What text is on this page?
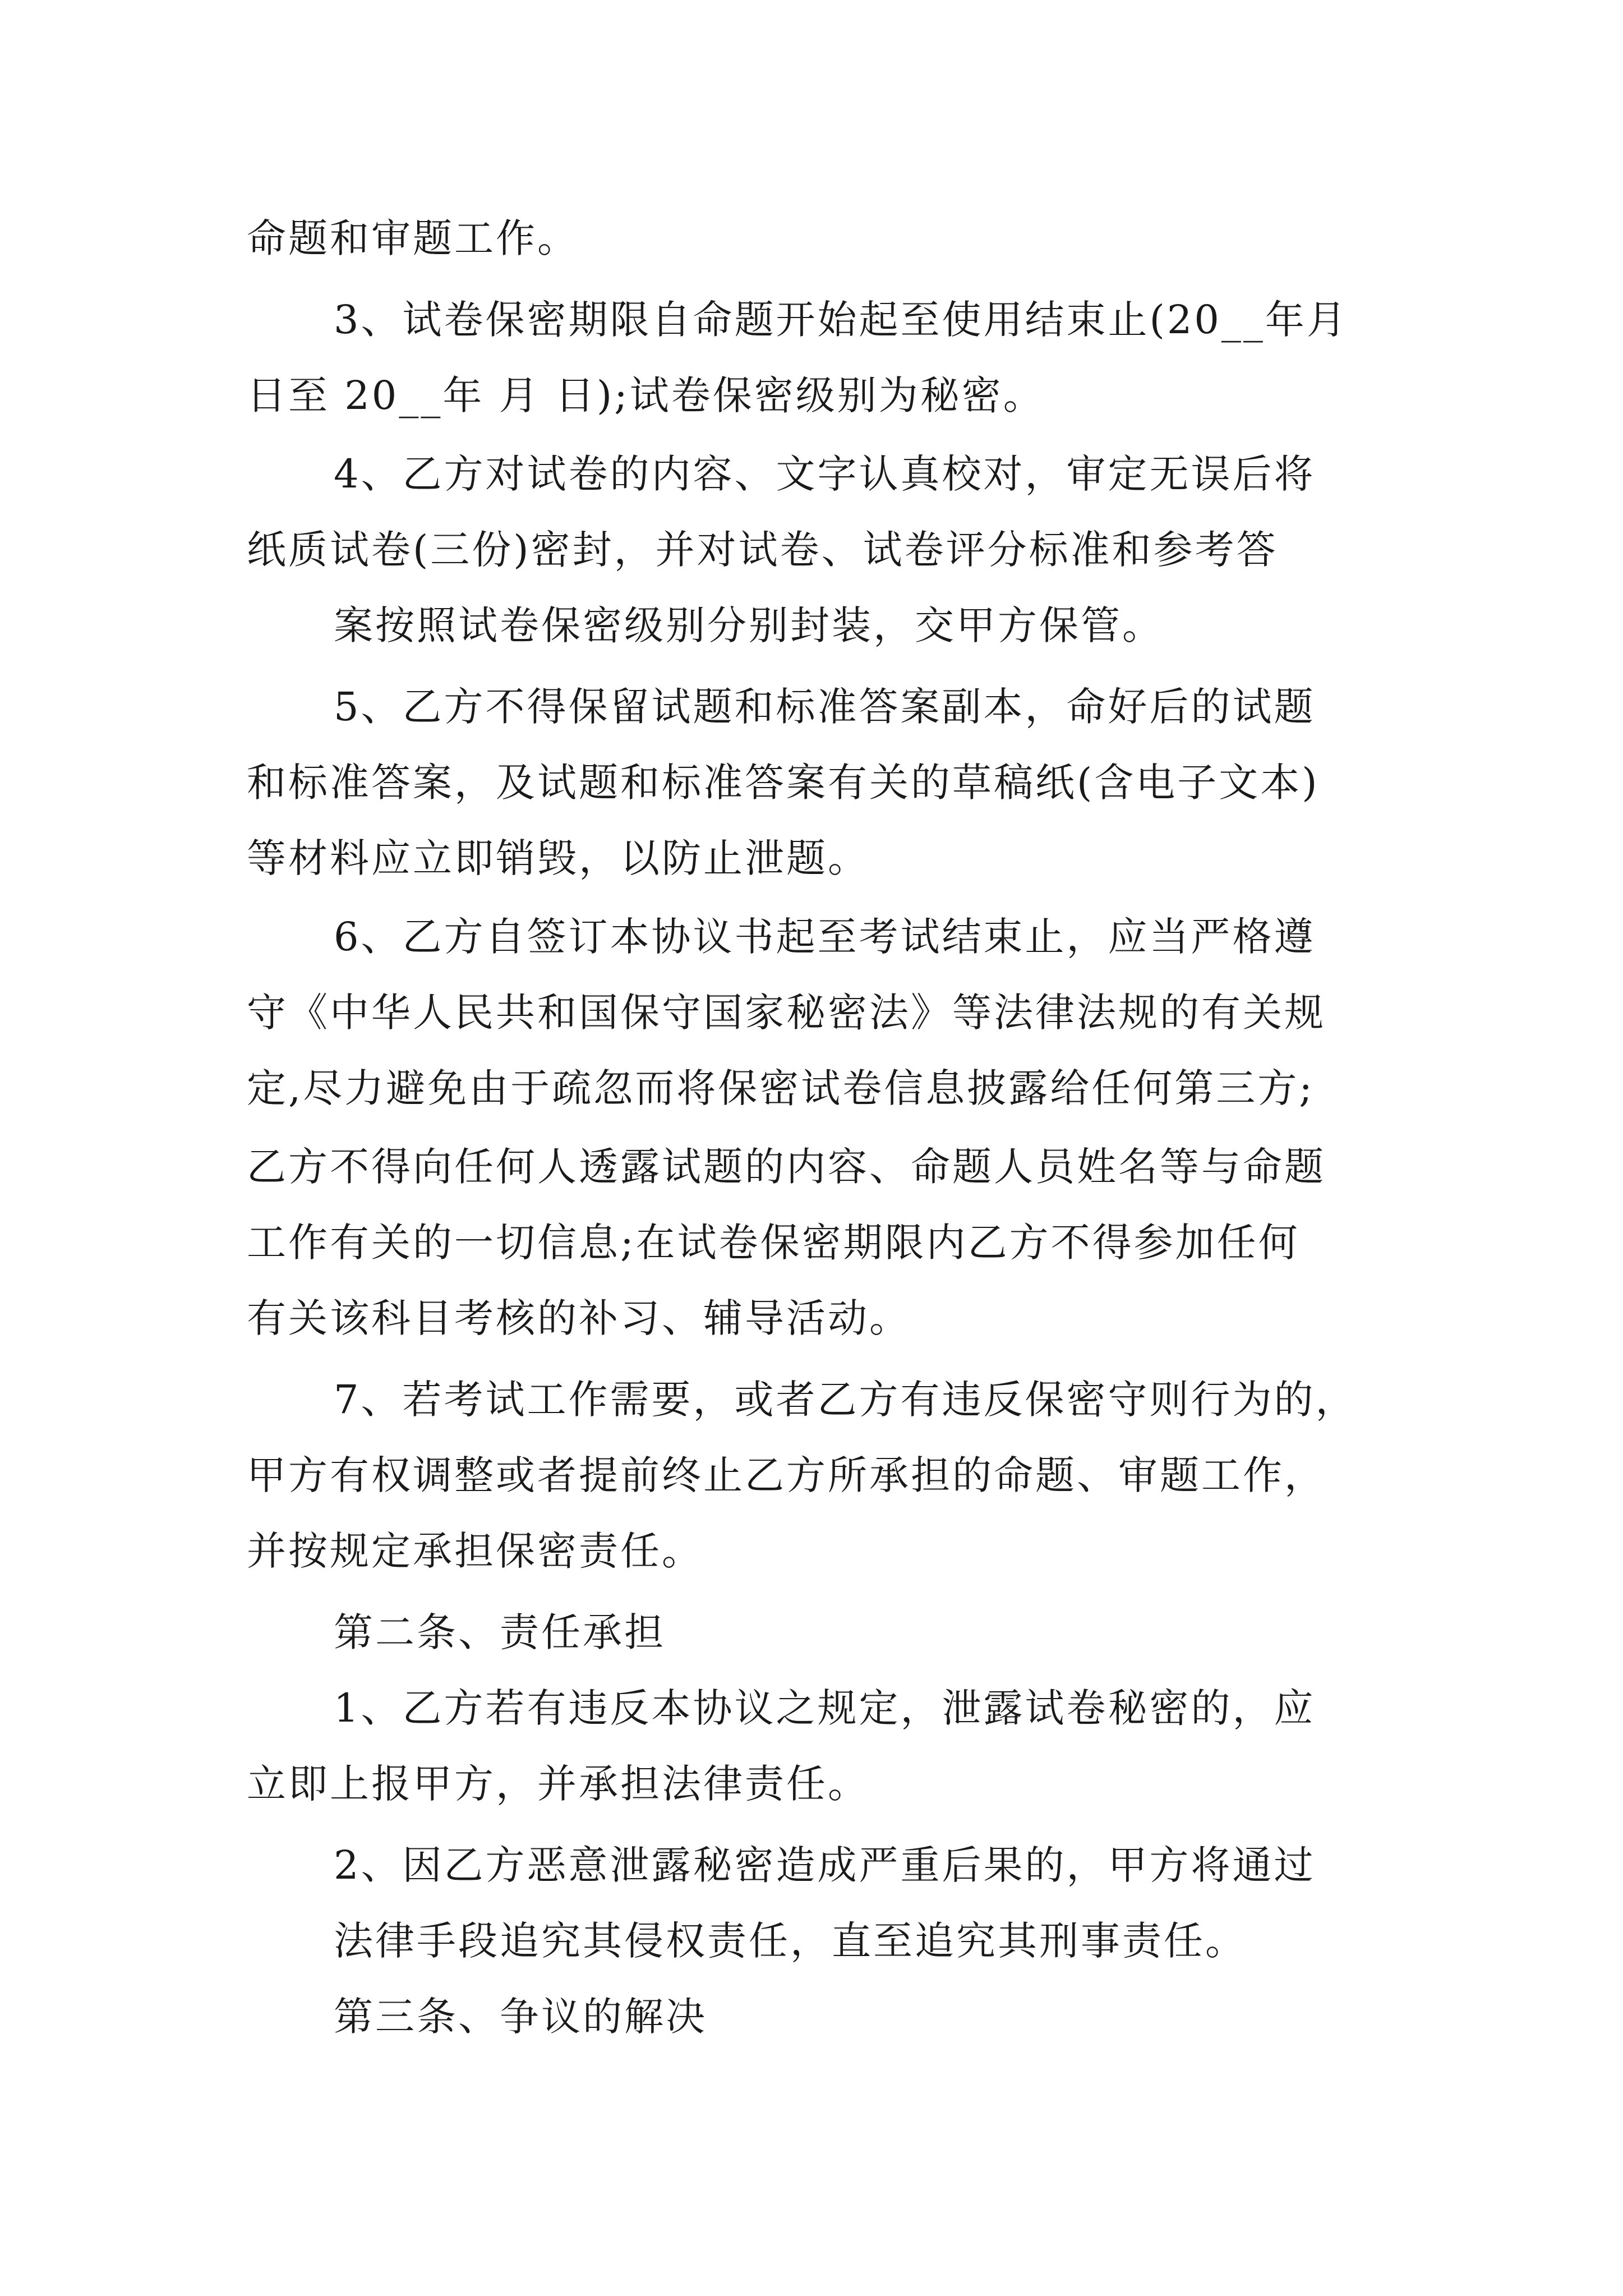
命题和审题工作。
3、试卷保密期限自命题开始起至使用结束止(20__年月
日至 20__年 月 日);试卷保密级别为秘密。
4、乙方对试卷的内容、文字认真校对，审定无误后将
纸质试卷(三份)密封，并对试卷、试卷评分标准和参考答
案按照试卷保密级别分别封装，交甲方保管。
5、乙方不得保留试题和标准答案副本，命好后的试题
和标准答案，及试题和标准答案有关的草稿纸(含电子文本)
等材料应立即销毁，以防止泄题。
6、乙方自签订本协议书起至考试结束止，应当严格遵
守《中华人民共和国保守国家秘密法》等法律法规的有关规
定,尽力避免由于疏忽而将保密试卷信息披露给任何第三方;
乙方不得向任何人透露试题的内容、命题人员姓名等与命题
工作有关的一切信息;在试卷保密期限内乙方不得参加任何
有关该科目考核的补习、辅导活动。
7、若考试工作需要，或者乙方有违反保密守则行为的，
甲方有权调整或者提前终止乙方所承担的命题、审题工作，
并按规定承担保密责任。
第二条、责任承担
1、乙方若有违反本协议之规定，泄露试卷秘密的，应
立即上报甲方，并承担法律责任。
2、因乙方恶意泄露秘密造成严重后果的，甲方将通过
法律手段追究其侵权责任，直至追究其刑事责任。
第三条、争议的解决
